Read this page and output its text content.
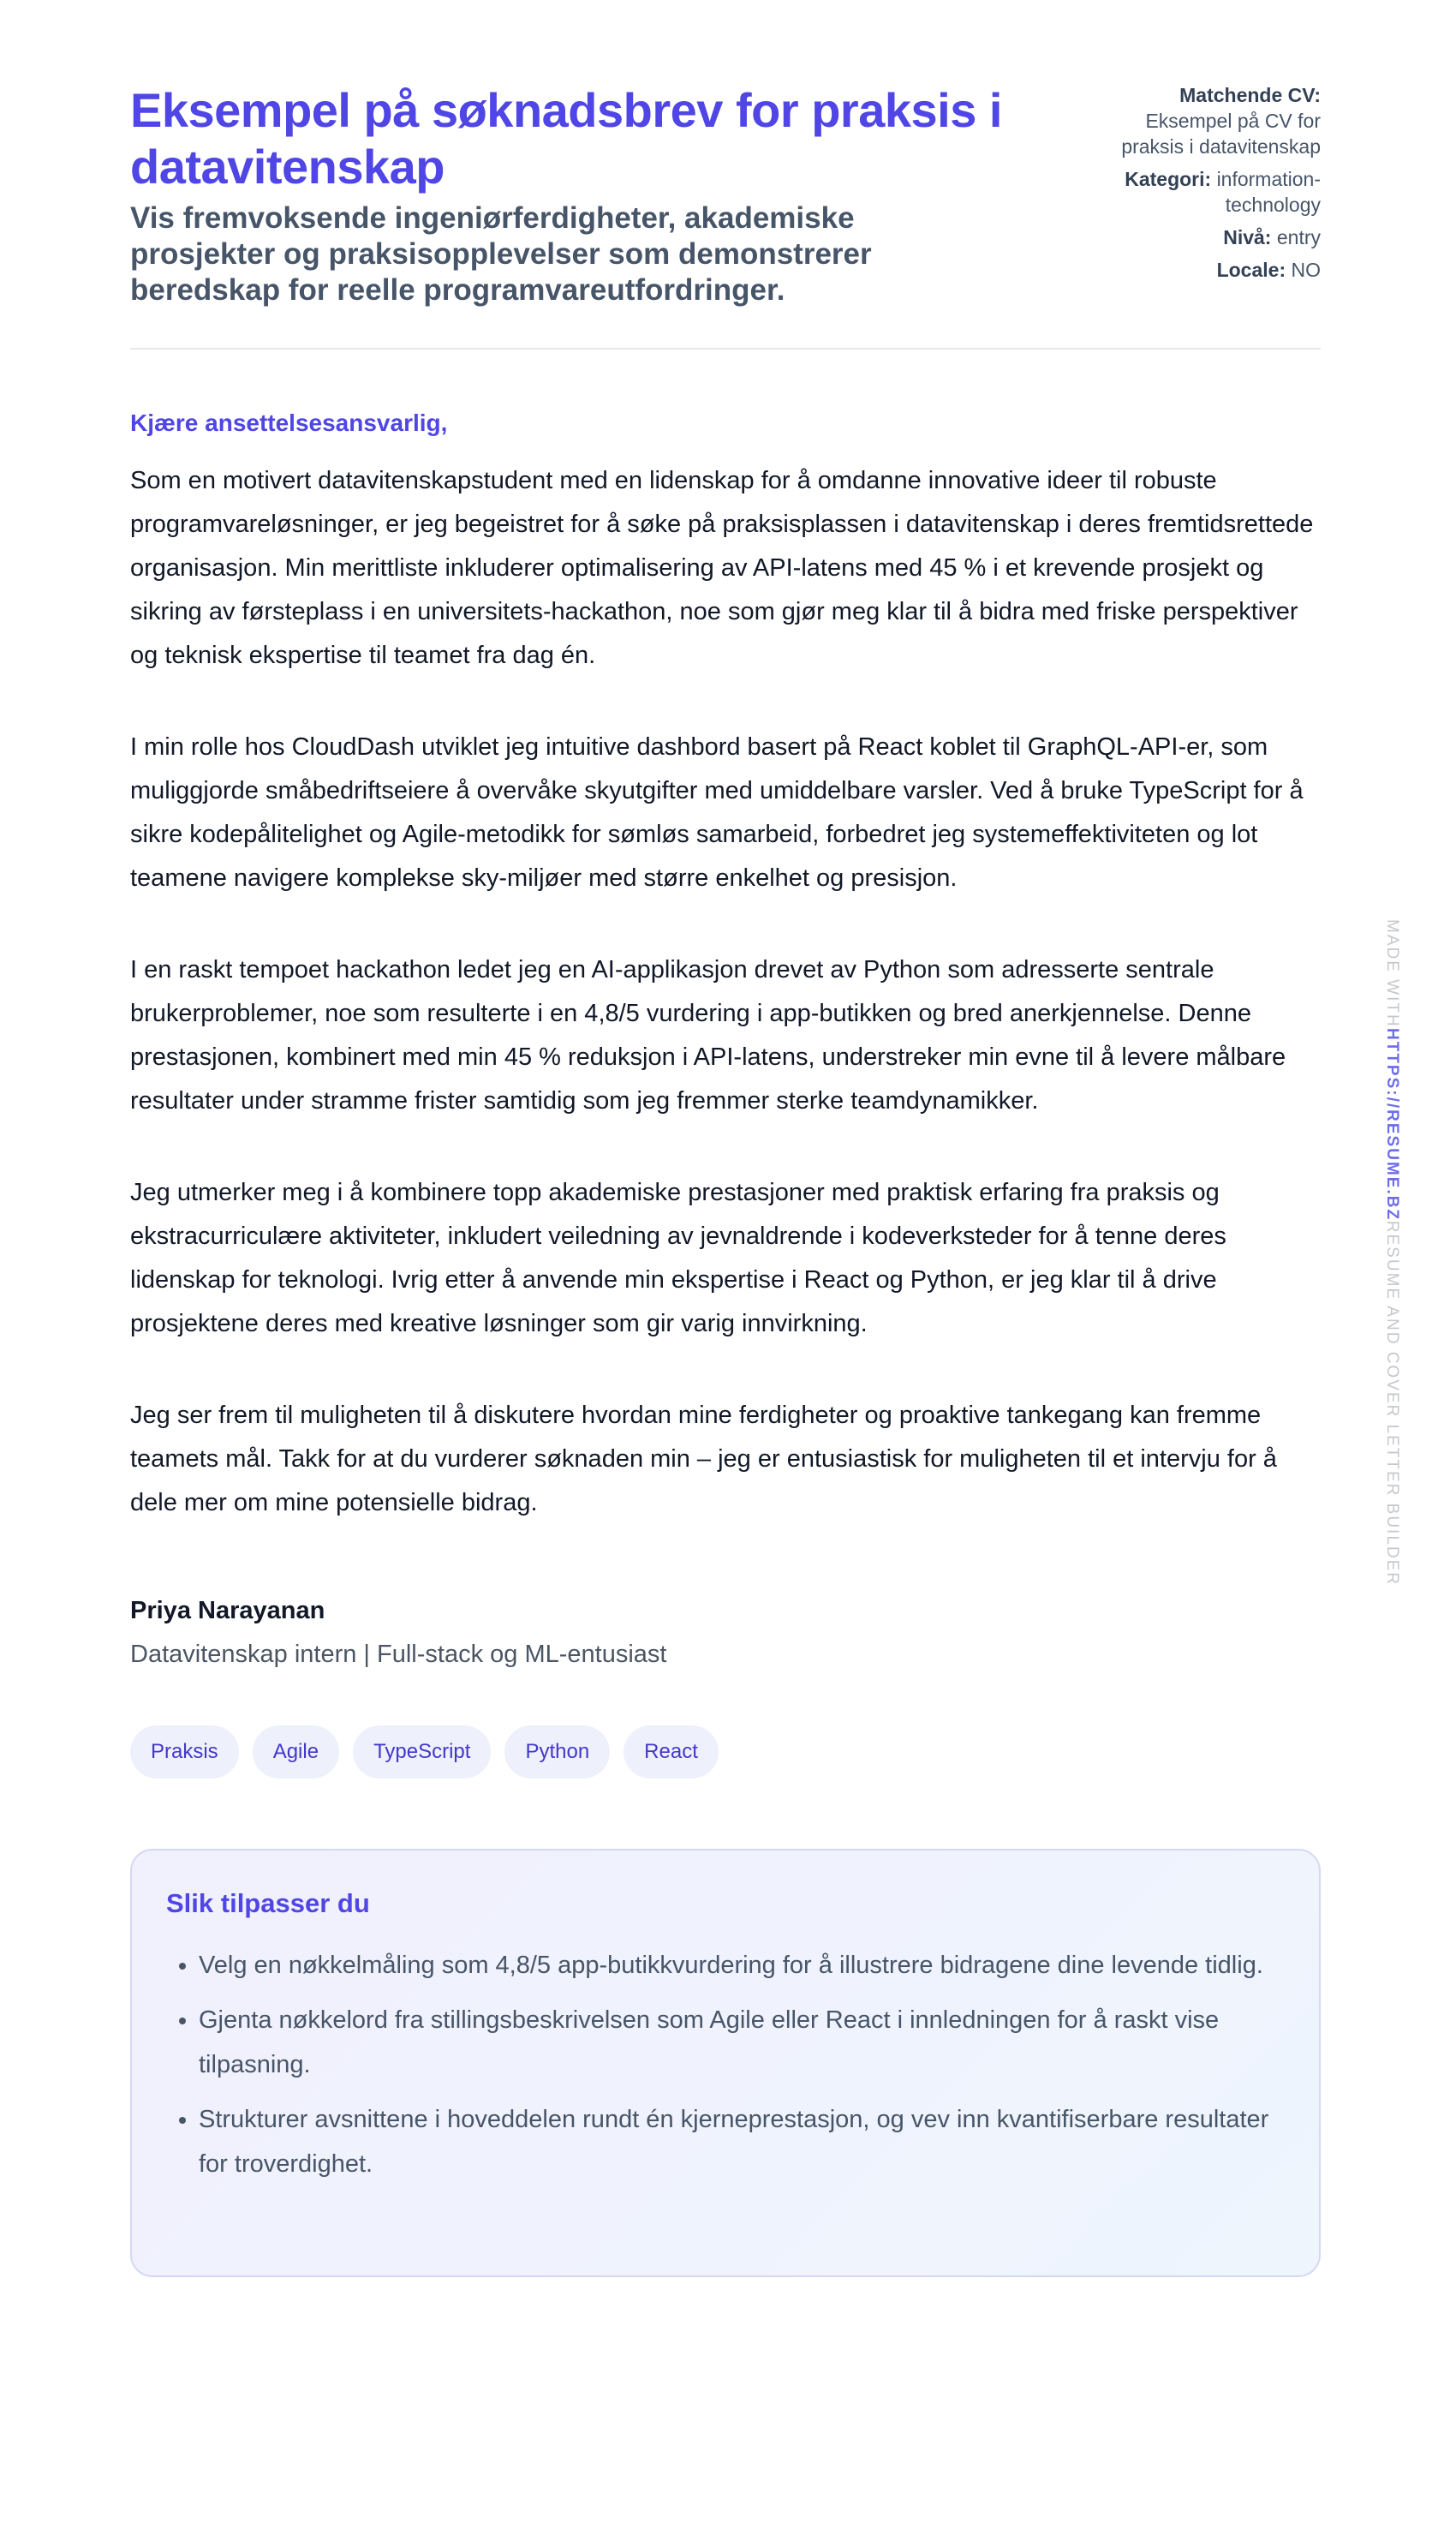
Eksempel på søknadsbrev for praksis i datavitenskap

Vis fremvoksende ingeniørferdigheter, akademiske prosjekter og praksisopplevelser som demonstrerer beredskap for reelle programvareutfordringer.

Matchende CV:
Eksempel på CV for praksis i datavitenskap
Kategori: information-technology
Nivå: entry
Locale: NO
Kjære ansettelsesansvarlig,

Som en motivert datavitenskapstudent med en lidenskap for å omdanne innovative ideer til robuste programvareløsninger, er jeg begeistret for å søke på praksisplassen i datavitenskap i deres fremtidsrettede organisasjon. Min merittliste inkluderer optimalisering av API-latens med 45 % i et krevende prosjekt og sikring av førsteplass i en universitets-hackathon, noe som gjør meg klar til å bidra med friske perspektiver og teknisk ekspertise til teamet fra dag én.

I min rolle hos CloudDash utviklet jeg intuitive dashbord basert på React koblet til GraphQL-API-er, som muliggjorde småbedriftseiere å overvåke skyutgifter med umiddelbare varsler. Ved å bruke TypeScript for å sikre kodepålitelighet og Agile-metodikk for sømløs samarbeid, forbedret jeg systemeffektiviteten og lot teamene navigere komplekse sky-miljøer med større enkelhet og presisjon.

I en raskt tempoet hackathon ledet jeg en AI-applikasjon drevet av Python som adresserte sentrale brukerproblemer, noe som resulterte i en 4,8/5 vurdering i app-butikken og bred anerkjennelse. Denne prestasjonen, kombinert med min 45 % reduksjon i API-latens, understreker min evne til å levere målbare resultater under stramme frister samtidig som jeg fremmer sterke teamdynamikker.

Jeg utmerker meg i å kombinere topp akademiske prestasjoner med praktisk erfaring fra praksis og ekstracurriculære aktiviteter, inkludert veiledning av jevnaldrende i kodeverksteder for å tenne deres lidenskap for teknologi. Ivrig etter å anvende min ekspertise i React og Python, er jeg klar til å drive prosjektene deres med kreative løsninger som gir varig innvirkning.

Jeg ser frem til muligheten til å diskutere hvordan mine ferdigheter og proaktive tankegang kan fremme teamets mål. Takk for at du vurderer søknaden min – jeg er entusiastisk for muligheten til et intervju for å dele mer om mine potensielle bidrag.

Priya Narayanan
Datavitenskap intern | Full-stack og ML-entusiast
Praksis	Agile	TypeScript	Python	React
Slik tilpasser du
• Velg en nøkkelmåling som 4,8/5 app-butikkvurdering for å illustrere bidragene dine levende tidlig.
• Gjenta nøkkelord fra stillingsbeskrivelsen som Agile eller React i innledningen for å raskt vise tilpasning.
• Strukturer avsnittene i hoveddelen rundt én kjerneprestasjon, og vev inn kvantifiserbare resultater for troverdighet.
MADE WITHHTTPS://RESUME.BZRESUME AND COVER LETTER BUILDER
